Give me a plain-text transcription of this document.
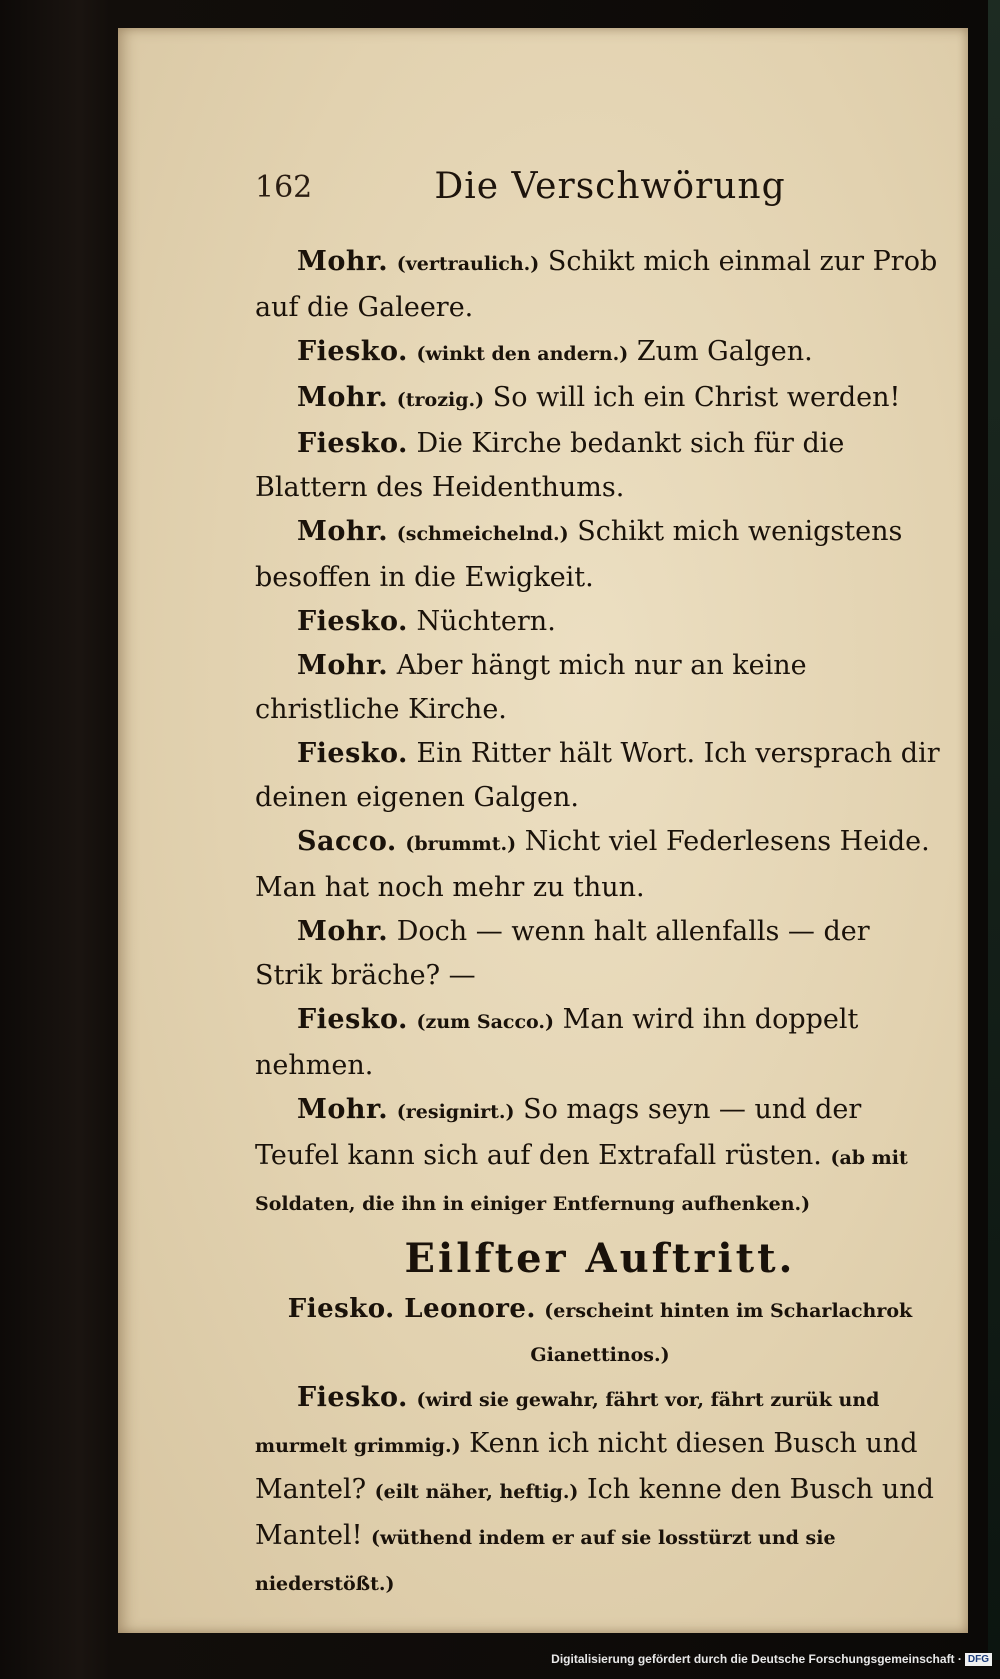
162	Die Verschwörung

Mohr. (vertraulich.) Schikt mich einmal zur Prob auf die Galeere.

Fiesko. (winkt den andern.) Zum Galgen.

Mohr. (trozig.) So will ich ein Christ werden!

Fiesko. Die Kirche bedankt sich für die Blattern des Heidenthums.

Mohr. (schmeichelnd.) Schikt mich wenigstens besoffen in die Ewigkeit.

Fiesko. Nüchtern.

Mohr. Aber hängt mich nur an keine christliche Kirche.

Fiesko. Ein Ritter hält Wort. Ich versprach dir deinen eigenen Galgen.

Sacco. (brummt.) Nicht viel Federlesens Heide. Man hat noch mehr zu thun.

Mohr. Doch — wenn halt allenfalls — der Strik bräche? —

Fiesko. (zum Sacco.) Man wird ihn doppelt nehmen.

Mohr. (resignirt.) So mags seyn — und der Teufel kann sich auf den Extrafall rüsten. (ab mit Soldaten, die ihn in einiger Entfernung aufhenken.)

Eilfter Auftritt.
Fiesko. Leonore. (erscheint hinten im Scharlachrok Gianettinos.)

Fiesko. (wird sie gewahr, fährt vor, fährt zurük und murmelt grimmig.) Kenn ich nicht diesen Busch und Mantel? (eilt näher, heftig.) Ich kenne den Busch und Mantel! (wüthend indem er auf sie losstürzt und sie niederstößt.)

Digitalisierung gefördert durch die Deutsche Forschungsgemeinschaft · DFG
